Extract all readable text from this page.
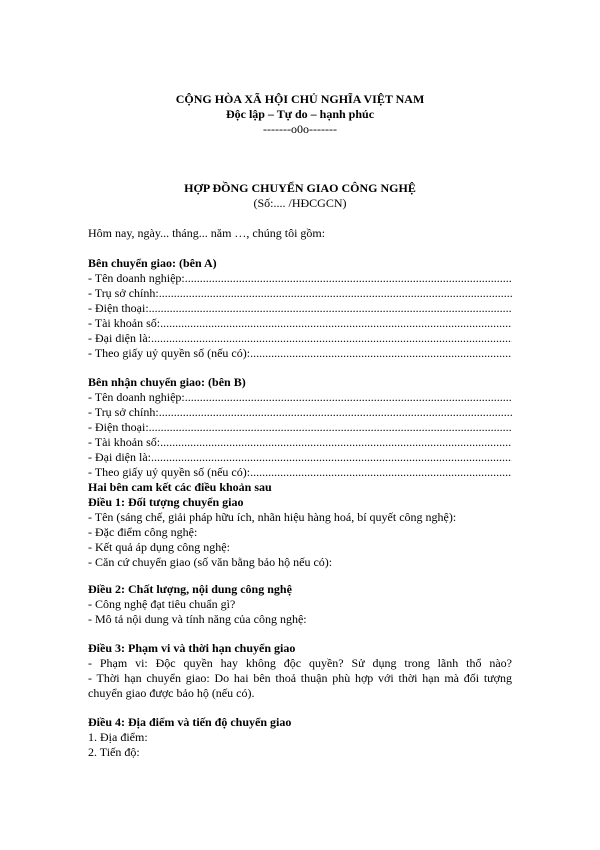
CỘNG HÒA XÃ HỘI CHỦ NGHĨA VIỆT NAM
Độc lập – Tự do – hạnh phúc
-------o0o-------
HỢP ĐỒNG CHUYỂN GIAO CÔNG NGHỆ
(Số:.... /HĐCGCN)
Hôm nay, ngày... tháng... năm …, chúng tôi gồm:
Bên chuyển giao: (bên A)
- Tên doanh nghiệp:
.....
- Trụ sở chính:
.....
- Điện thoại:
.....
- Tài khoản số:
.....
- Đại diện là:
.....
- Theo giấy uỷ quyền số (nếu có):
.....
Bên nhận chuyển giao: (bên B)
- Tên doanh nghiệp:
.....
- Trụ sở chính:
.....
- Điện thoại:
.....
- Tài khoản số:
.....
- Đại diện là:
.....
- Theo giấy uỷ quyền số (nếu có):
.....
Hai bên cam kết các điều khoản sau
Điều 1: Đối tượng chuyển giao
- Tên (sáng chế, giải pháp hữu ích, nhãn hiệu hàng hoá, bí quyết công nghệ):
- Đặc điểm công nghệ:
- Kết quả áp dụng công nghệ:
- Căn cứ chuyển giao (số văn bằng bảo hộ nếu có):
Điều 2: Chất lượng, nội dung công nghệ
- Công nghệ đạt tiêu chuẩn gì?
- Mô tả nội dung và tính năng của công nghệ:
Điều 3: Phạm vi và thời hạn chuyển giao
- Phạm vi: Độc quyền hay không độc quyền? Sử dụng trong lãnh thổ nào?
- Thời hạn chuyển giao: Do hai bên thoả thuận phù hợp với thời hạn mà đối tượng
chuyển giao được bảo hộ (nếu có).
Điều 4: Địa điểm và tiến độ chuyển giao
1. Địa điểm:
2. Tiến độ:
